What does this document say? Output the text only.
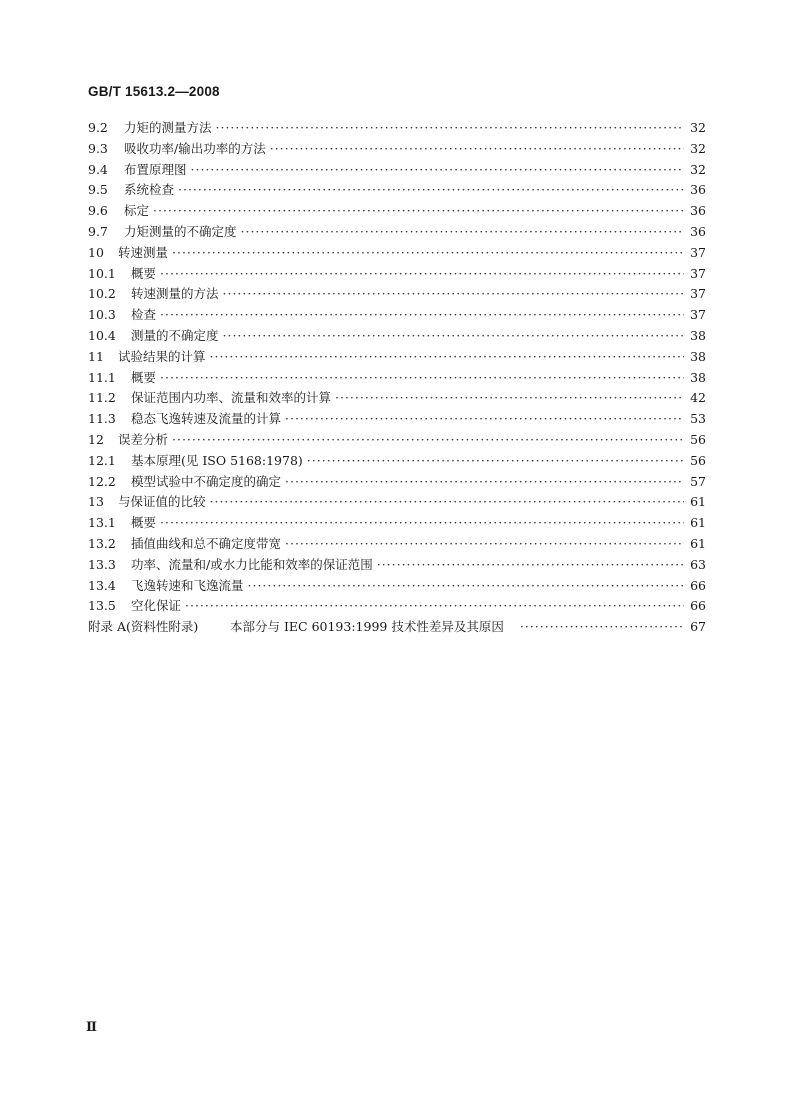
GB/T 15613.2—2008
9.2	力矩的测量方法 ·····	32
9.3	吸收功率/输出功率的方法 ·····	32
9.4	布置原理图 ·····	32
9.5	系统检查 ·····	36
9.6	标定 ·····	36
9.7	力矩测量的不确定度 ·····	36
10	转速测量 ·····	37
10.1	概要 ·····	37
10.2	转速测量的方法 ·····	37
10.3	检查 ·····	37
10.4	测量的不确定度 ·····	38
11	试验结果的计算 ·····	38
11.1	概要 ·····	38
11.2	保证范围内功率、流量和效率的计算 ·····	42
11.3	稳态飞逸转速及流量的计算 ·····	53
12	误差分析 ·····	56
12.1	基本原理(见 ISO 5168:1978) ·····	56
12.2	模型试验中不确定度的确定 ·····	57
13	与保证值的比较 ·····	61
13.1	概要 ·····	61
13.2	插值曲线和总不确定度带宽 ·····	61
13.3	功率、流量和/或水力比能和效率的保证范围 ·····	63
13.4	飞逸转速和飞逸流量 ·····	66
13.5	空化保证 ·····	66
附录 A(资料性附录)	本部分与 IEC 60193:1999 技术性差异及其原因 ·····	67
Ⅱ
